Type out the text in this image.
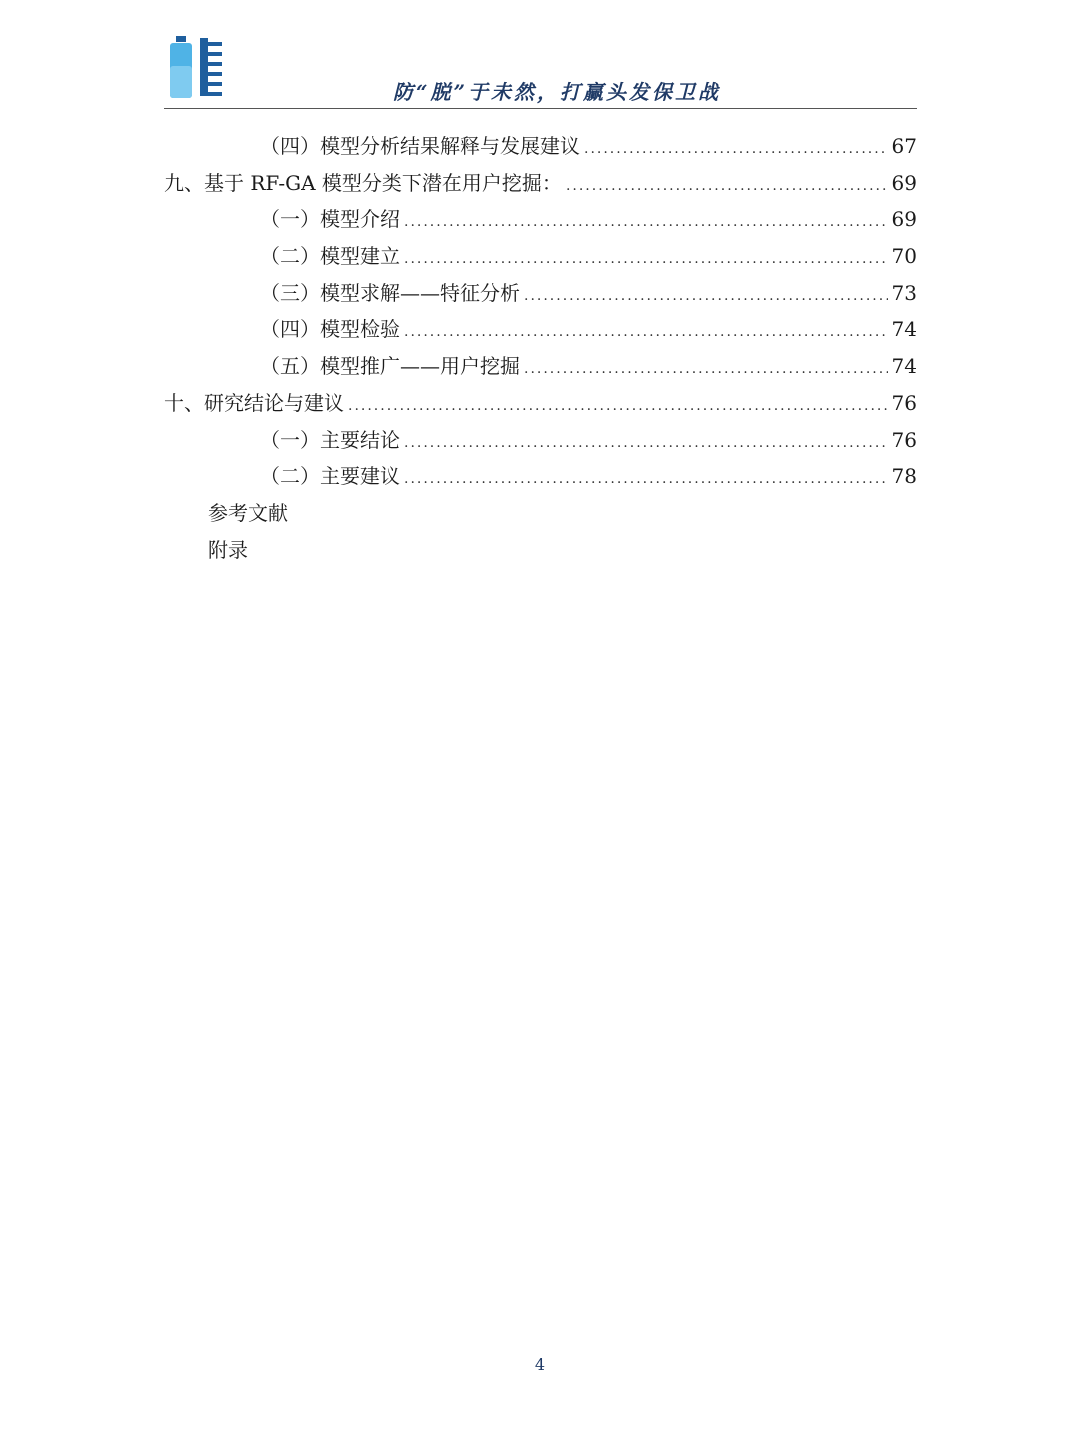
防“脱”于未然，打赢头发保卫战
（四）模型分析结果解释与发展建议 .....	67
九、基于 RF-GA 模型分类下潜在用户挖掘： .....	69
（一）模型介绍 .....	69
（二）模型建立 .....	70
（三）模型求解——特征分析 .....	73
（四）模型检验 .....	74
（五）模型推广——用户挖掘 .....	74
十、研究结论与建议 .....	76
（一）主要结论 .....	76
（二）主要建议 .....	78
参考文献
附录
4
